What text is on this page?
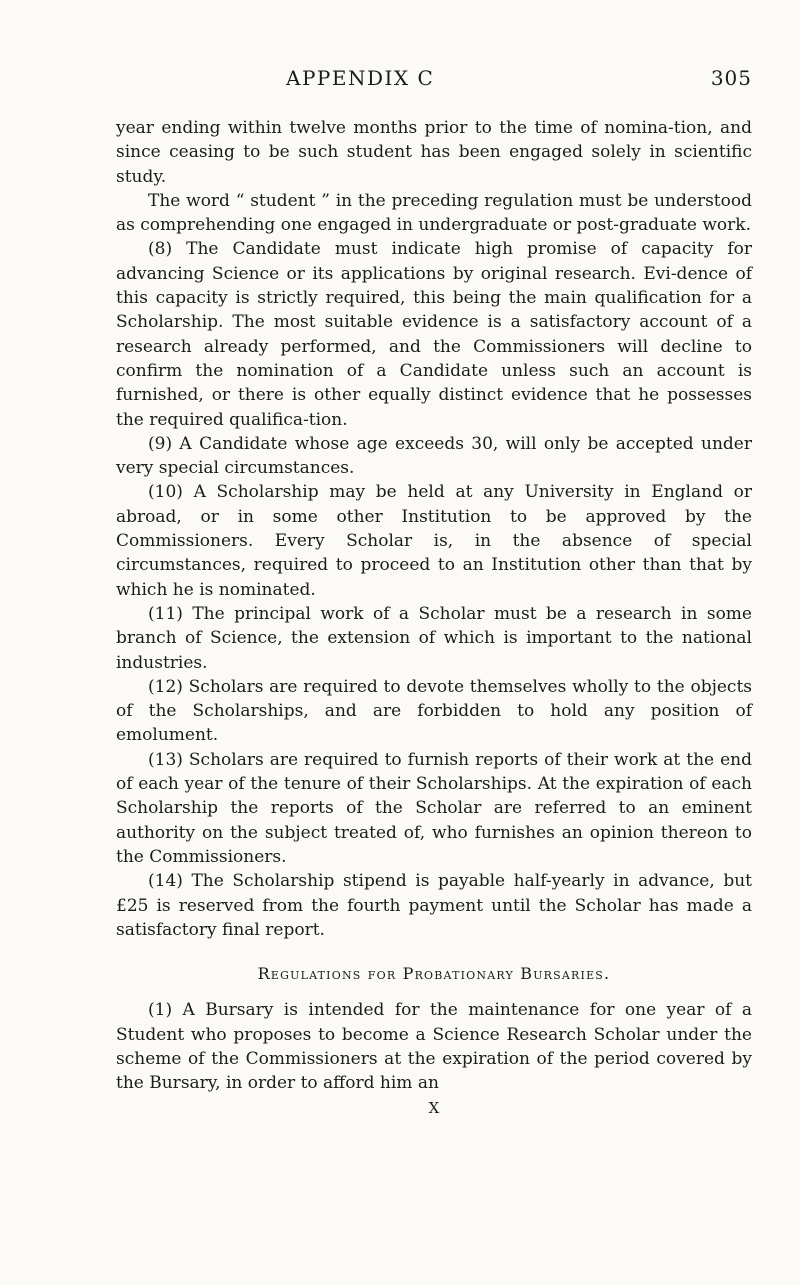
APPENDIX C	305

year ending within twelve months prior to the time of nomina-tion, and since ceasing to be such student has been engaged solely in scientific study.

The word “ student ” in the preceding regulation must be understood as comprehending one engaged in undergraduate or post-graduate work.

(8) The Candidate must indicate high promise of capacity for advancing Science or its applications by original research. Evi-dence of this capacity is strictly required, this being the main qualification for a Scholarship. The most suitable evidence is a satisfactory account of a research already performed, and the Commissioners will decline to confirm the nomination of a Candidate unless such an account is furnished, or there is other equally distinct evidence that he possesses the required qualifica-tion.

(9) A Candidate whose age exceeds 30, will only be accepted under very special circumstances.

(10) A Scholarship may be held at any University in England or abroad, or in some other Institution to be approved by the Commissioners. Every Scholar is, in the absence of special circumstances, required to proceed to an Institution other than that by which he is nominated.

(11) The principal work of a Scholar must be a research in some branch of Science, the extension of which is important to the national industries.

(12) Scholars are required to devote themselves wholly to the objects of the Scholarships, and are forbidden to hold any position of emolument.

(13) Scholars are required to furnish reports of their work at the end of each year of the tenure of their Scholarships. At the expiration of each Scholarship the reports of the Scholar are referred to an eminent authority on the subject treated of, who furnishes an opinion thereon to the Commissioners.

(14) The Scholarship stipend is payable half-yearly in advance, but £25 is reserved from the fourth payment until the Scholar has made a satisfactory final report.

Regulations for Probationary Bursaries.

(1) A Bursary is intended for the maintenance for one year of a Student who proposes to become a Science Research Scholar under the scheme of the Commissioners at the expiration of the period covered by the Bursary, in order to afford him an

X
